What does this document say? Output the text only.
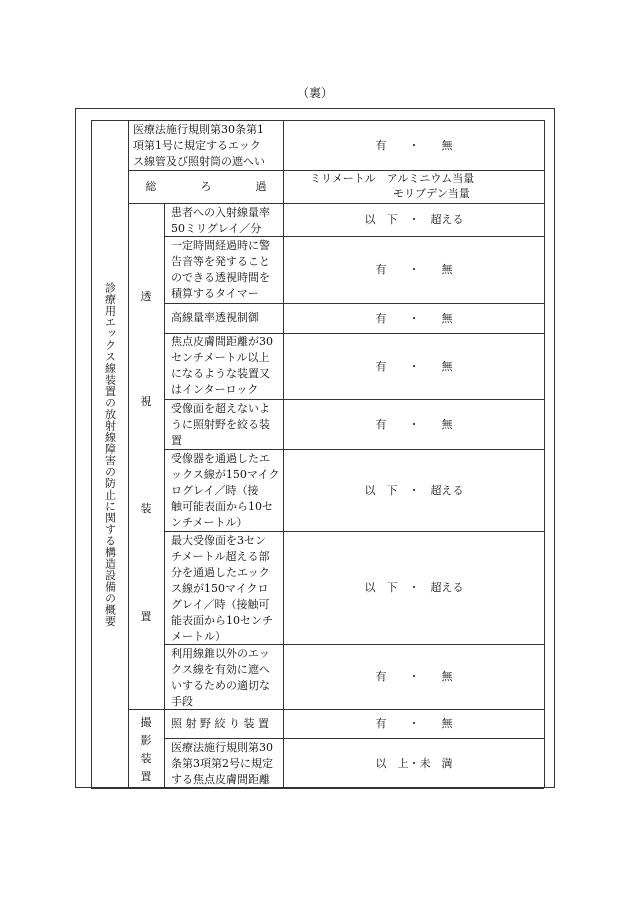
（裏）
診療用エックス線装置の放射線障害の防止に関する構造設備の概要
医療法施行規則第30条第1
項第1号に規定するエック
ス線管及び照射筒の遮へい
有　　・　　無
総　　　　ろ　　　　過
ミリメートル　アルミニウム当量
モリブデン当量
透
視
装
置
患者への入射線量率
50ミリグレイ／分
以　下　・　超える
一定時間経過時に警
告音等を発すること
のできる透視時間を
積算するタイマー
有　　・　　無
高線量率透視制御	有　　・　　無
焦点皮膚間距離が30
センチメートル以上
になるような装置又
はインターロック
有　　・　　無
受像面を超えないよ
うに照射野を絞る装
置
有　　・　　無
受像器を通過したエ
ックス線が150マイク
ログレイ／時（接
触可能表面から10セ
ンチメートル）
以　下　・　超える
最大受像面を3セン
チメートル超える部
分を通過したエック
ス線が150マイクロ
グレイ／時（接触可
能表面から10センチ
メートル）
以　下　・　超える
利用線錐以外のエッ
クス線を有効に遮へ
いするための適切な
手段
有　　・　　無
撮
影
装
置
照 射 野 絞 り 装 置	有　　・　　無
医療法施行規則第30
条第3項第2号に規定
する焦点皮膚間距離
以　上・未　満
